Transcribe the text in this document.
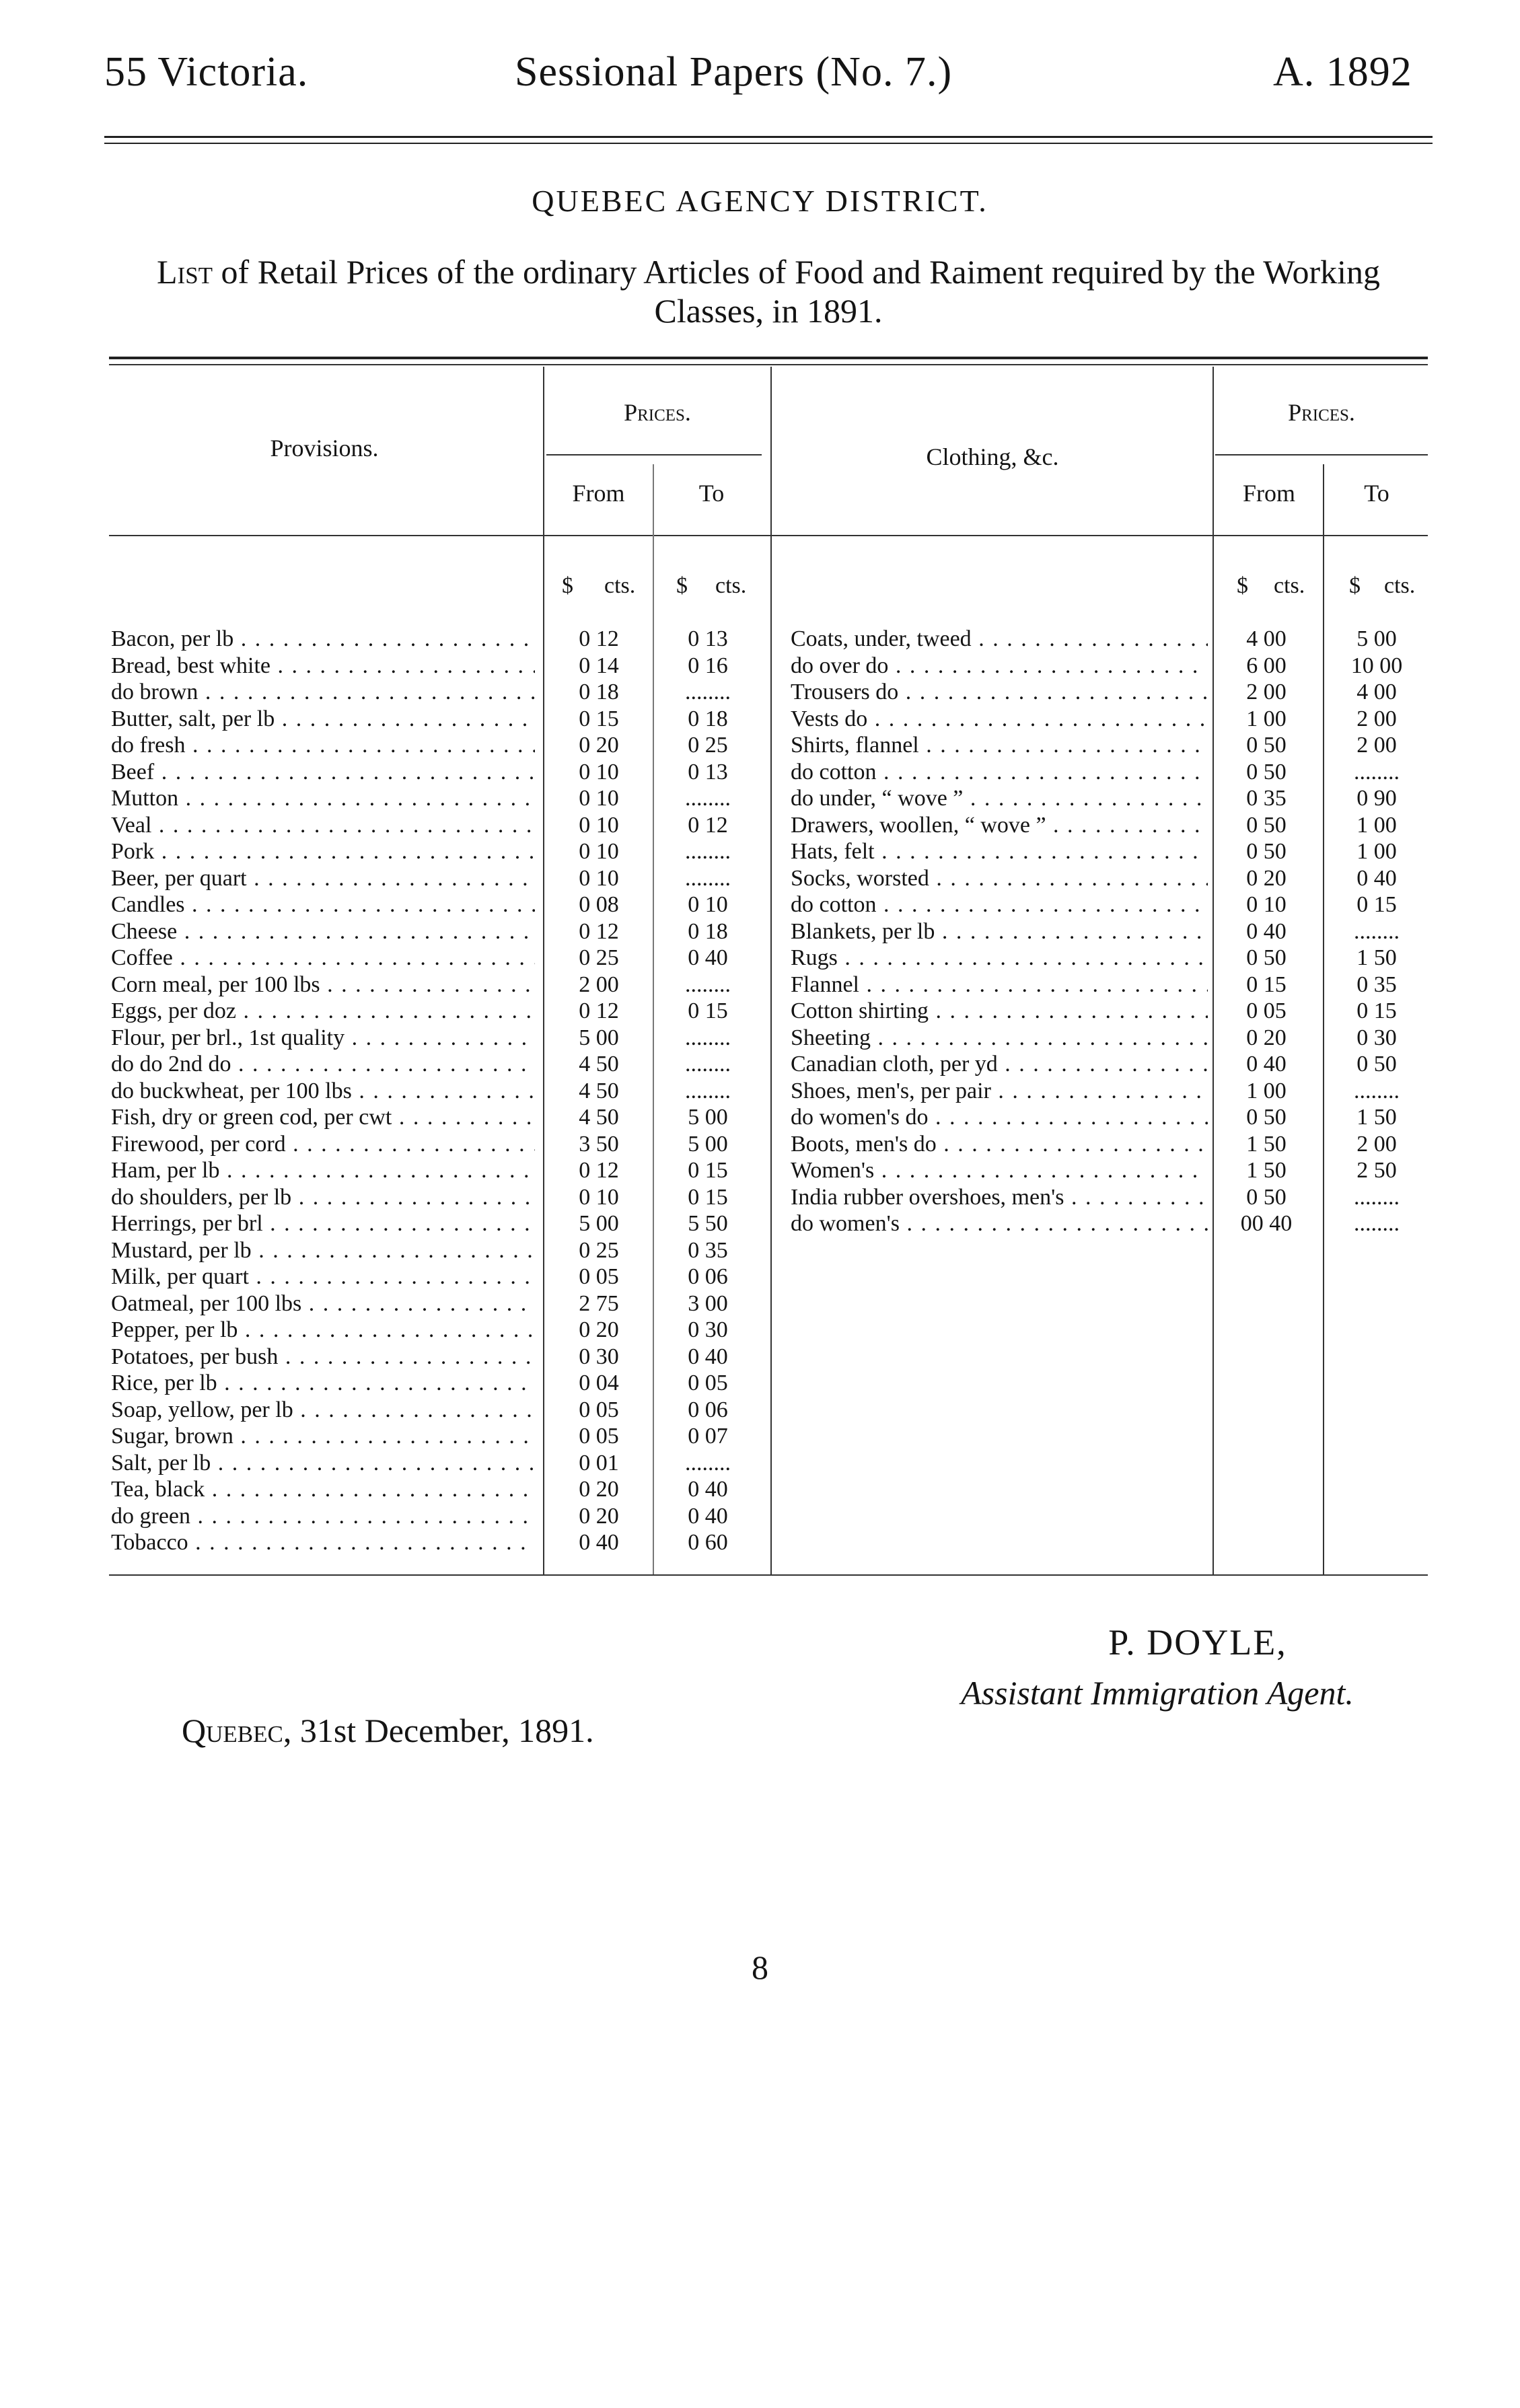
55 Victoria.	Sessional Papers (No. 7.)	A. 1892
QUEBEC AGENCY DISTRICT.
List of Retail Prices of the ordinary Articles of Food and Raiment required by the Working Classes, in 1891.
Provisions.
Prices.
From	To
Clothing, &c.
Prices.
From	To
$ cts. $ cts.	$ cts. $ cts.
Bacon, per lb . . .	0 12	0 13
Bread, best white . . .	0 14	0 16
do brown . . .	0 18	........
Butter, salt, per lb . . .	0 15	0 18
do fresh . . .	0 20	0 25
Beef . . .	0 10	0 13
Mutton . . .	0 10	........
Veal . . .	0 10	0 12
Pork . . .	0 10	........
Beer, per quart . . .	0 10	........
Candles . . .	0 08	0 10
Cheese . . .	0 12	0 18
Coffee . . .	0 25	0 40
Corn meal, per 100 lbs . . .	2 00	........
Eggs, per doz . . .	0 12	0 15
Flour, per brl., 1st quality . . .	5 00	........
do do 2nd do . . .	4 50	........
do buckwheat, per 100 lbs . . .	4 50	........
Fish, dry or green cod, per cwt . . .	4 50	5 00
Firewood, per cord . . .	3 50	5 00
Ham, per lb . . .	0 12	0 15
do shoulders, per lb . . .	0 10	0 15
Herrings, per brl . . .	5 00	5 50
Mustard, per lb . . .	0 25	0 35
Milk, per quart . . .	0 05	0 06
Oatmeal, per 100 lbs . . .	2 75	3 00
Pepper, per lb . . .	0 20	0 30
Potatoes, per bush . . .	0 30	0 40
Rice, per lb . . .	0 04	0 05
Soap, yellow, per lb . . .	0 05	0 06
Sugar, brown . . .	0 05	0 07
Salt, per lb . . .	0 01	........
Tea, black . . .	0 20	0 40
do green . . .	0 20	0 40
Tobacco . . .	0 40	0 60
Coats, under, tweed . . .	4 00	5 00
do over do . . .	6 00	10 00
Trousers do . . .	2 00	4 00
Vests do . . .	1 00	2 00
Shirts, flannel . . .	0 50	2 00
do cotton . . .	0 50	........
do under, “ wove ” . . .	0 35	0 90
Drawers, woollen, “ wove ” . . .	0 50	1 00
Hats, felt . . .	0 50	1 00
Socks, worsted . . .	0 20	0 40
do cotton . . .	0 10	0 15
Blankets, per lb . . .	0 40	........
Rugs . . .	0 50	1 50
Flannel . . .	0 15	0 35
Cotton shirting . . .	0 05	0 15
Sheeting . . .	0 20	0 30
Canadian cloth, per yd . . .	0 40	0 50
Shoes, men's, per pair . . .	1 00	........
do women's do . . .	0 50	1 50
Boots, men's do . . .	1 50	2 00
Women's . . .	1 50	2 50
India rubber overshoes, men's . . .	0 50	........
do women's . . .	00 40	........
P. DOYLE,
Assistant Immigration Agent.
Quebec, 31st December, 1891.
8
